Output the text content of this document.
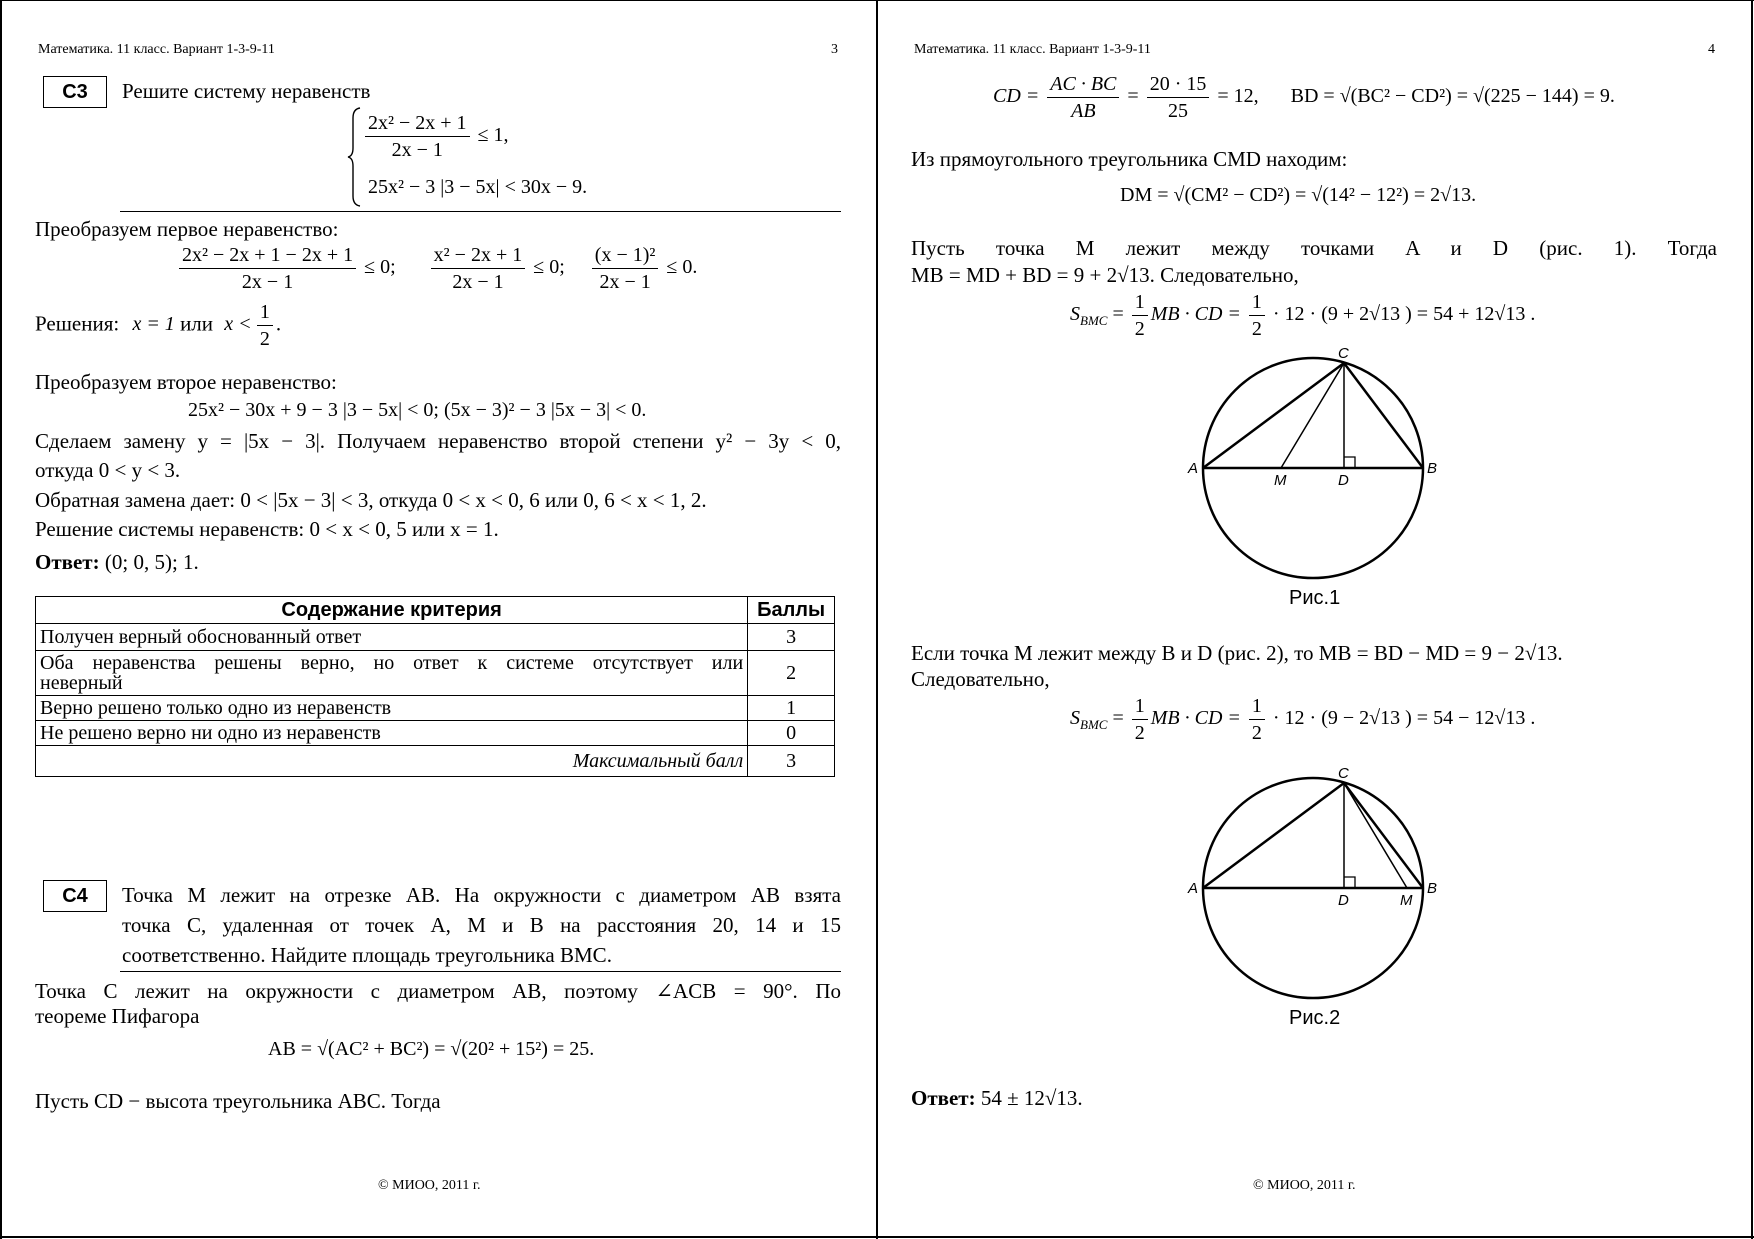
Математика. 11 класс. Вариант 1-3-9-11	3
С3	Решите систему неравенств
$\frac{\text{2x² − 2x + 1}}{2x - 1} \le 1$,
25x² − 3 |3 − 5x| < 30x − 9.
Преобразуем первое неравенство:
$\frac{\text{2x² − 2x + 1 − 2x + 1}}{2x - 1} \le 0$; $\frac{\text{x² − 2x + 1}}{2x - 1} \le 0$; $\frac{\text{(x − 1)²}}{2x - 1} \le 0$.
Решения: x = 1 или $x < \frac{1}{2}$ .
Преобразуем второе неравенство:
25x² − 30x + 9 − 3 |3 − 5x| < 0; (5x − 3)² − 3 |5x − 3| < 0.
Сделаем замену y = |5x − 3|. Получаем неравенство второй степени y² − 3y < 0,
откуда 0 < y < 3.
Обратная замена дает: 0 < |5x − 3| < 3, откуда 0 < x < 0, 6 или 0, 6 < x < 1, 2.
Решение системы неравенств: 0 < x < 0, 5 или x = 1.
Ответ: (0; 0, 5); 1.
Содержание критерия	Баллы
Получен верный обоснованный ответ	3

Оба неравенства решены верно, но ответ к системе отсутствует или
неверный	2
Верно решено только одно из неравенств	1
Не решено верно ни одно из неравенств	0
Максимальный балл	3
С4	Точка M лежит на отрезке AB. На окружности с диаметром AB взята
точка C, удаленная от точек A, M и B на расстояния 20, 14 и 15
соответственно. Найдите площадь треугольника BMC.
Точка C лежит на окружности с диаметром AB, поэтому ∠ACB = 90°. По
теореме Пифагора
AB = √(AC² + BC²) = √(20² + 15²) = 25.
Пусть CD − высота треугольника ABC. Тогда
© МИОО, 2011 г.
Математика. 11 класс. Вариант 1-3-9-11	4
CD = $\frac{AC \cdot BC}{AB} = \frac{20 \cdot 15}{25} = 12$, BD = √(BC² − CD²) = √(225 − 144) = 9.
Из прямоугольного треугольника CMD находим:
DM = √(CM² − CD²) = √(14² − 12²) = 2√13.
Пусть точка M лежит между точками A и D (рис. 1). Тогда
MB = MD + BD = 9 + 2√13. Следовательно,
$S_{BMC} = \frac{1}{2}$ MB · CD = $\frac{1}{2} \cdot 12 \cdot (9 + 2√13$ ) = 54 + 12√13 .
C
A	B
M	D
Рис.1
Если точка M лежит между B и D (рис. 2), то MB = BD − MD = 9 − 2√13.
Следовательно,
$S_{BMC} = \frac{1}{2}$ MB · CD = $\frac{1}{2} \cdot 12 \cdot (9 - 2√13$ ) = 54 − 12√13 .
C
A	B
D	M
Рис.2
Ответ: 54 ± 12√13.
© МИОО, 2011 г.
